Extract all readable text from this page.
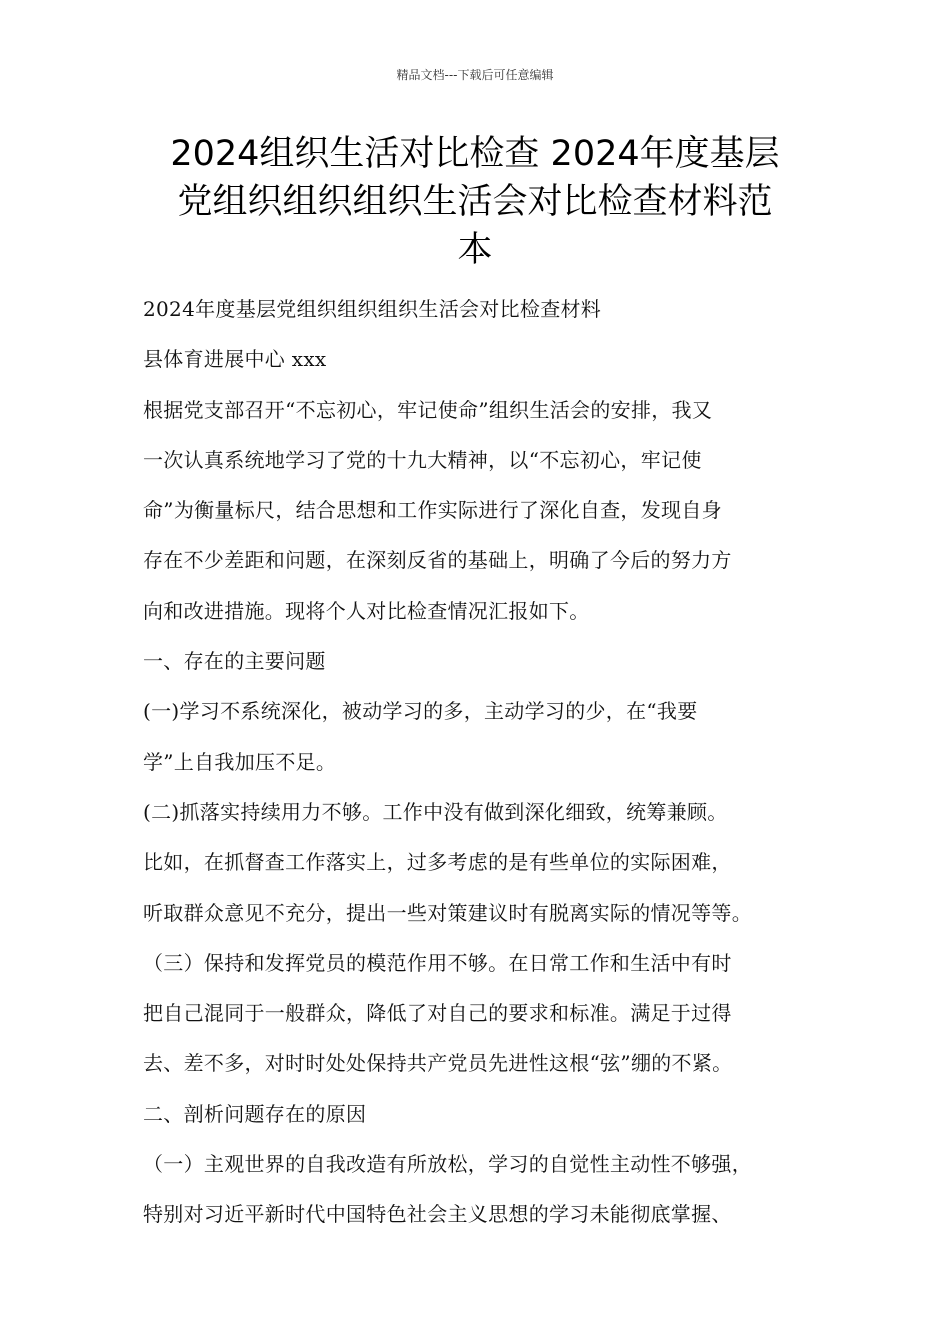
精品文档---下载后可任意编辑
2024组织生活对比检查 2024年度基层
党组织组织组织生活会对比检查材料范
本

2024年度基层党组织组织组织生活会对比检查材料

县体育进展中心 xxx

根据党支部召开“不忘初心，牢记使命”组织生活会的安排，我又

一次认真系统地学习了党的十九大精神，以“不忘初心，牢记使

命”为衡量标尺，结合思想和工作实际进行了深化自查，发现自身

存在不少差距和问题，在深刻反省的基础上，明确了今后的努力方

向和改进措施。现将个人对比检查情况汇报如下。

一、存在的主要问题

(一)学习不系统深化，被动学习的多，主动学习的少，在“我要

学”上自我加压不足。

(二)抓落实持续用力不够。工作中没有做到深化细致，统筹兼顾。

比如，在抓督查工作落实上，过多考虑的是有些单位的实际困难，

听取群众意见不充分，提出一些对策建议时有脱离实际的情况等等。

（三）保持和发挥党员的模范作用不够。在日常工作和生活中有时

把自己混同于一般群众，降低了对自己的要求和标准。满足于过得

去、差不多，对时时处处保持共产党员先进性这根“弦”绷的不紧。

二、剖析问题存在的原因

（一）主观世界的自我改造有所放松，学习的自觉性主动性不够强，

特别对习近平新时代中国特色社会主义思想的学习未能彻底掌握、
